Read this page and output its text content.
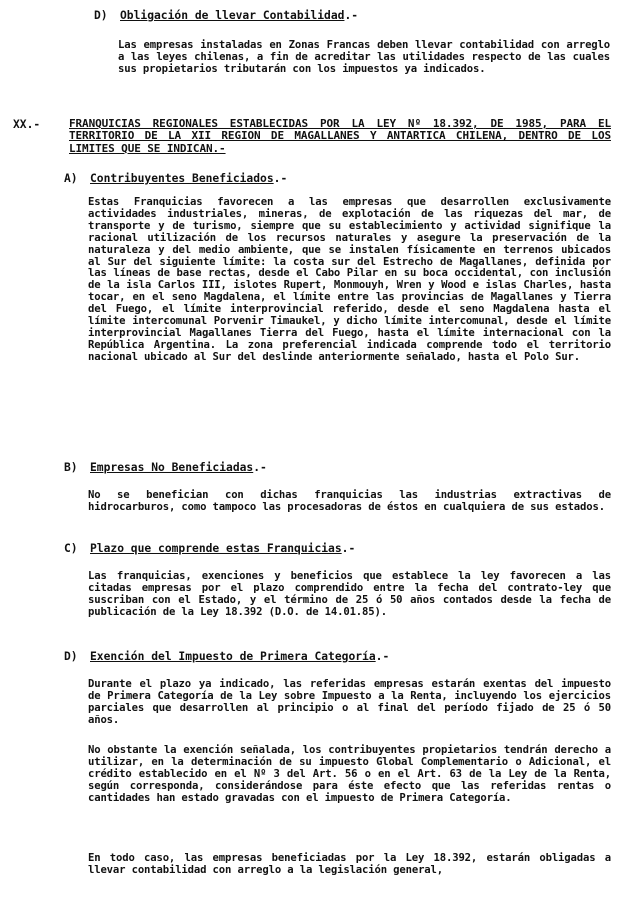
D) Obligación de llevar Contabilidad.-
Las empresas instaladas en Zonas Francas deben llevar contabilidad con arreglo a las leyes chilenas, a fin de acreditar las utilidades respecto de las cuales sus propietarios tributarán con los impuestos ya indicados.
XX.-	FRANQUICIAS REGIONALES ESTABLECIDAS POR LA LEY Nº 18.392, DE 1985, PARA EL TERRITORIO DE LA XII REGION DE MAGALLANES Y ANTARTICA CHILENA, DENTRO DE LOS LIMITES QUE SE INDICAN.-
A) Contribuyentes Beneficiados.-
Estas Franquicias favorecen a las empresas que desarrollen exclusivamente actividades industriales, mineras, de explotación de las riquezas del mar, de transporte y de turismo, siempre que su establecimiento y actividad signifique la racional utilización de los recursos naturales y asegure la preservación de la naturaleza y del medio ambiente, que se instalen físicamente en terrenos ubicados al Sur del siguiente límite: la costa sur del Estrecho de Magallanes, definida por las líneas de base rectas, desde el Cabo Pilar en su boca occidental, con inclusión de la isla Carlos III, islotes Rupert, Monmouyh, Wren y Wood e islas Charles, hasta tocar, en el seno Magdalena, el límite entre las provincias de Magallanes y Tierra del Fuego, el límite interprovincial referido, desde el seno Magdalena hasta el límite intercomunal Porvenir Timaukel, y dicho límite intercomunal, desde el límite interprovincial Magallanes Tierra del Fuego, hasta el límite internacional con la República Argentina. La zona preferencial indicada comprende todo el territorio nacional ubicado al Sur del deslinde anteriormente señalado, hasta el Polo Sur.
B) Empresas No Beneficiadas.-
No se benefician con dichas franquicias las industrias extractivas de hidrocarburos, como tampoco las procesadoras de éstos en cualquiera de sus estados.
C) Plazo que comprende estas Franquicias.-
Las franquicias, exenciones y beneficios que establece la ley favorecen a las citadas empresas por el plazo comprendido entre la fecha del contrato-ley que suscriban con el Estado, y el término de 25 ó 50 años contados desde la fecha de publicación de la Ley 18.392 (D.O. de 14.01.85).
D) Exención del Impuesto de Primera Categoría.-
Durante el plazo ya indicado, las referidas empresas estarán exentas del impuesto de Primera Categoría de la Ley sobre Impuesto a la Renta, incluyendo los ejercicios parciales que desarrollen al principio o al final del período fijado de 25 ó 50 años.
No obstante la exención señalada, los contribuyentes propietarios tendrán derecho a utilizar, en la determinación de su impuesto Global Complementario o Adicional, el crédito establecido en el Nº 3 del Art. 56 o en el Art. 63 de la Ley de la Renta, según corresponda, considerándose para éste efecto que las referidas rentas o cantidades han estado gravadas con el impuesto de Primera Categoría.
En todo caso, las empresas beneficiadas por la Ley 18.392, estarán obligadas a llevar contabilidad con arreglo a la legislación general,
